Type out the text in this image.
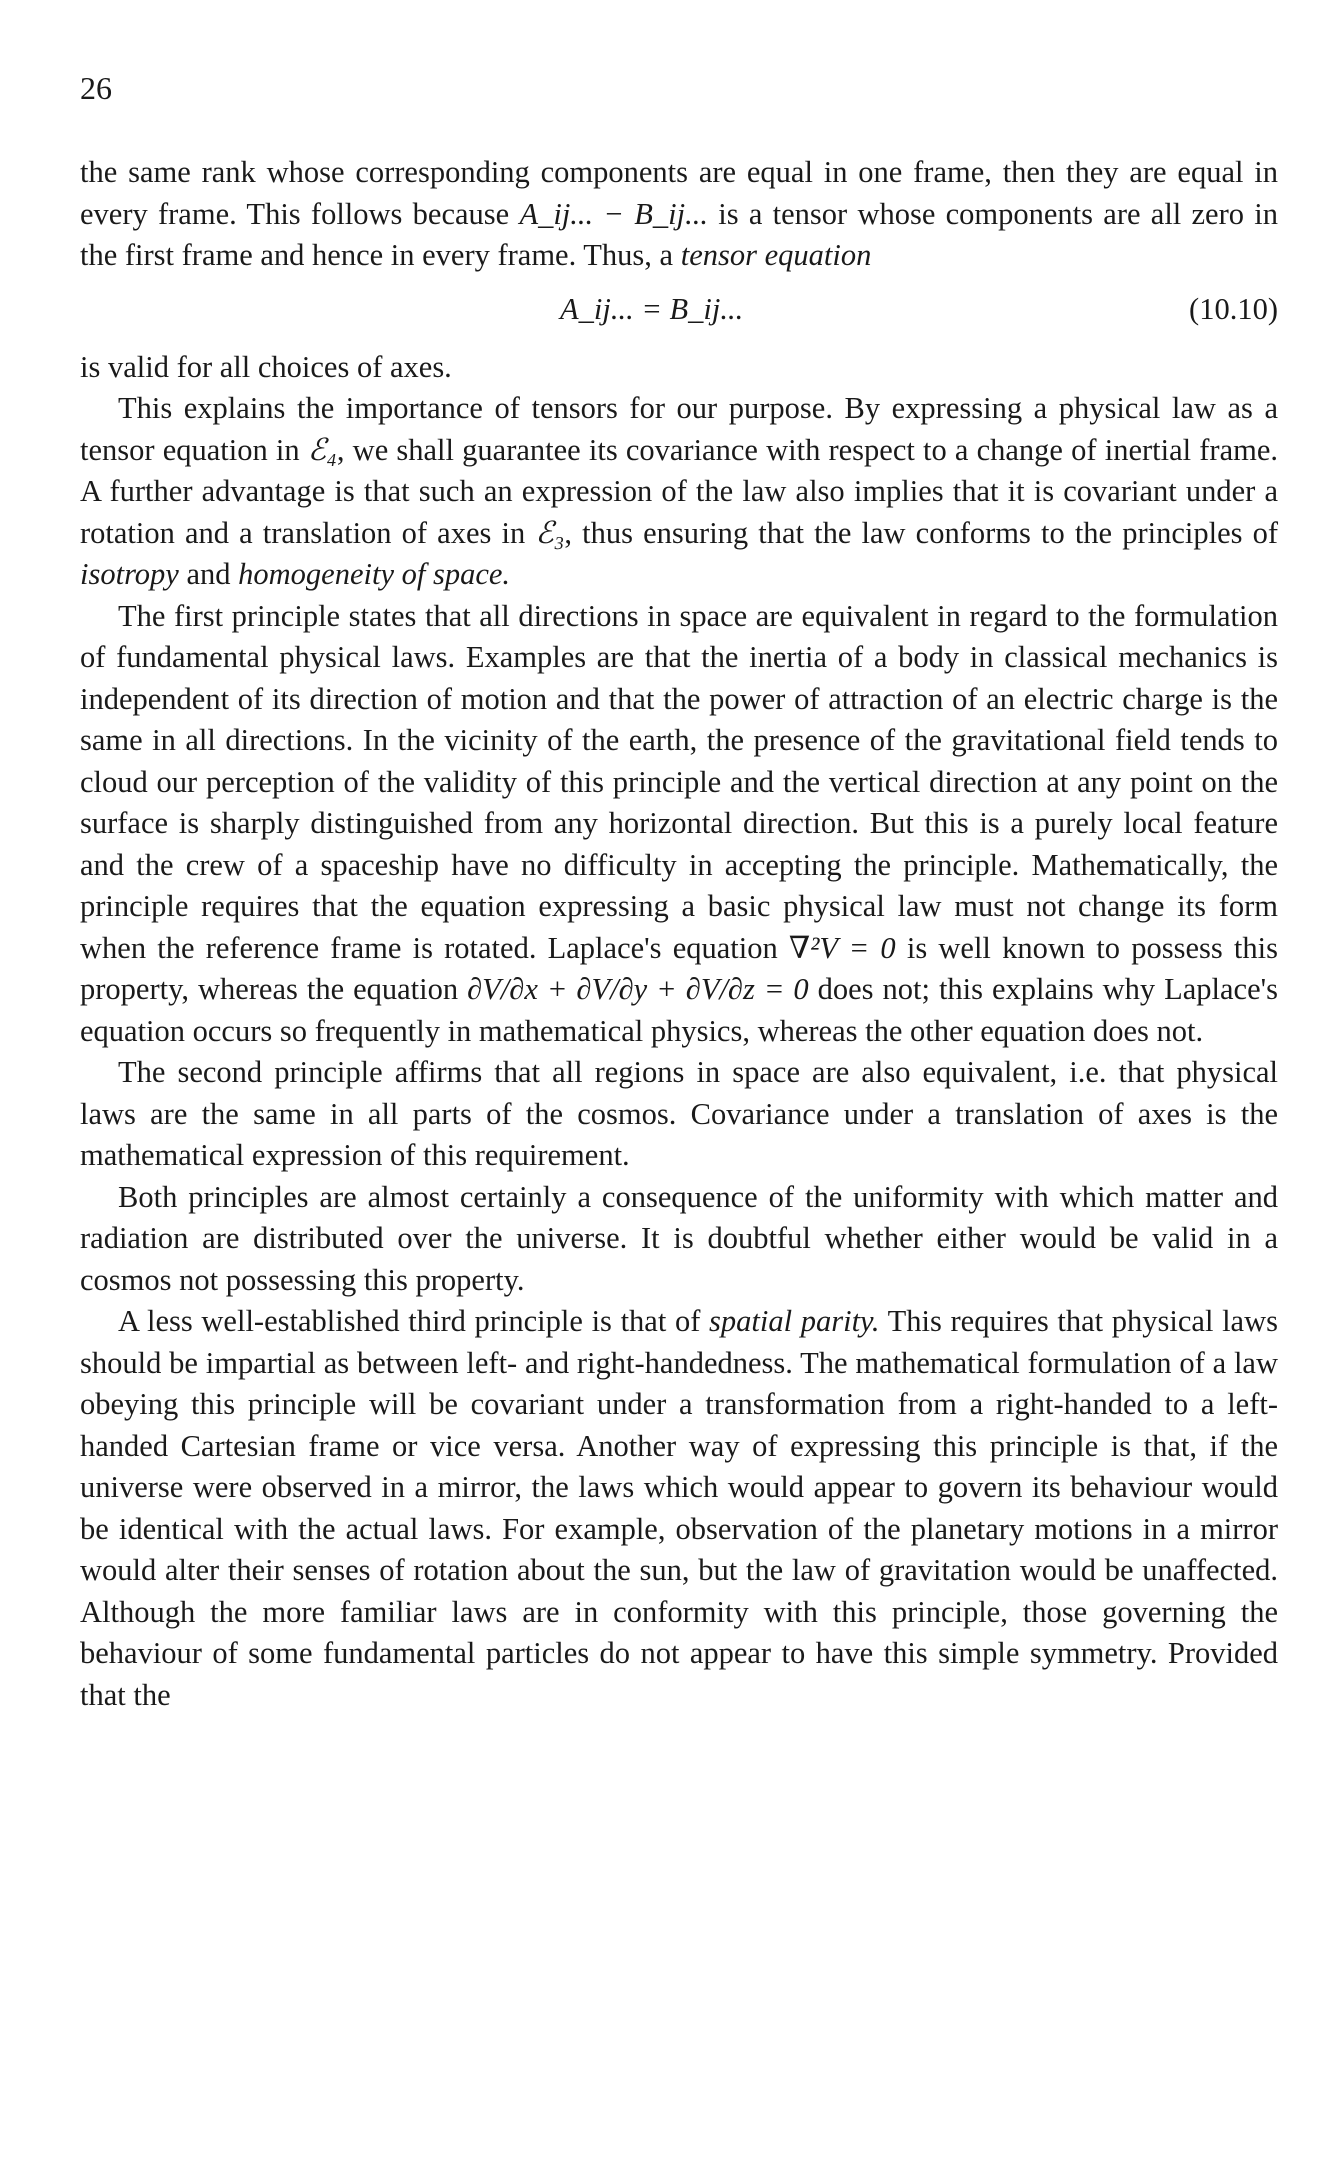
26

the same rank whose corresponding components are equal in one frame, then they are equal in every frame. This follows because A_ij... − B_ij... is a tensor whose components are all zero in the first frame and hence in every frame. Thus, a tensor equation

A_ij... = B_ij...	(10.10)

is valid for all choices of axes.

This explains the importance of tensors for our purpose. By expressing a physical law as a tensor equation in ℰ₄, we shall guarantee its covariance with respect to a change of inertial frame. A further advantage is that such an expression of the law also implies that it is covariant under a rotation and a translation of axes in ℰ₃, thus ensuring that the law conforms to the principles of isotropy and homogeneity of space.

The first principle states that all directions in space are equivalent in regard to the formulation of fundamental physical laws. Examples are that the inertia of a body in classical mechanics is independent of its direction of motion and that the power of attraction of an electric charge is the same in all directions. In the vicinity of the earth, the presence of the gravitational field tends to cloud our perception of the validity of this principle and the vertical direction at any point on the surface is sharply distinguished from any horizontal direction. But this is a purely local feature and the crew of a spaceship have no difficulty in accepting the principle. Mathematically, the principle requires that the equation expressing a basic physical law must not change its form when the reference frame is rotated. Laplace's equation ∇²V = 0 is well known to possess this property, whereas the equation ∂V/∂x + ∂V/∂y + ∂V/∂z = 0 does not; this explains why Laplace's equation occurs so frequently in mathematical physics, whereas the other equation does not.

The second principle affirms that all regions in space are also equivalent, i.e. that physical laws are the same in all parts of the cosmos. Covariance under a translation of axes is the mathematical expression of this requirement.

Both principles are almost certainly a consequence of the uniformity with which matter and radiation are distributed over the universe. It is doubtful whether either would be valid in a cosmos not possessing this property.

A less well-established third principle is that of spatial parity. This requires that physical laws should be impartial as between left- and right-handedness. The mathematical formulation of a law obeying this principle will be covariant under a transformation from a right-handed to a left-handed Cartesian frame or vice versa. Another way of expressing this principle is that, if the universe were observed in a mirror, the laws which would appear to govern its behaviour would be identical with the actual laws. For example, observation of the planetary motions in a mirror would alter their senses of rotation about the sun, but the law of gravitation would be unaffected. Although the more familiar laws are in conformity with this principle, those governing the behaviour of some fundamental particles do not appear to have this simple symmetry. Provided that the
